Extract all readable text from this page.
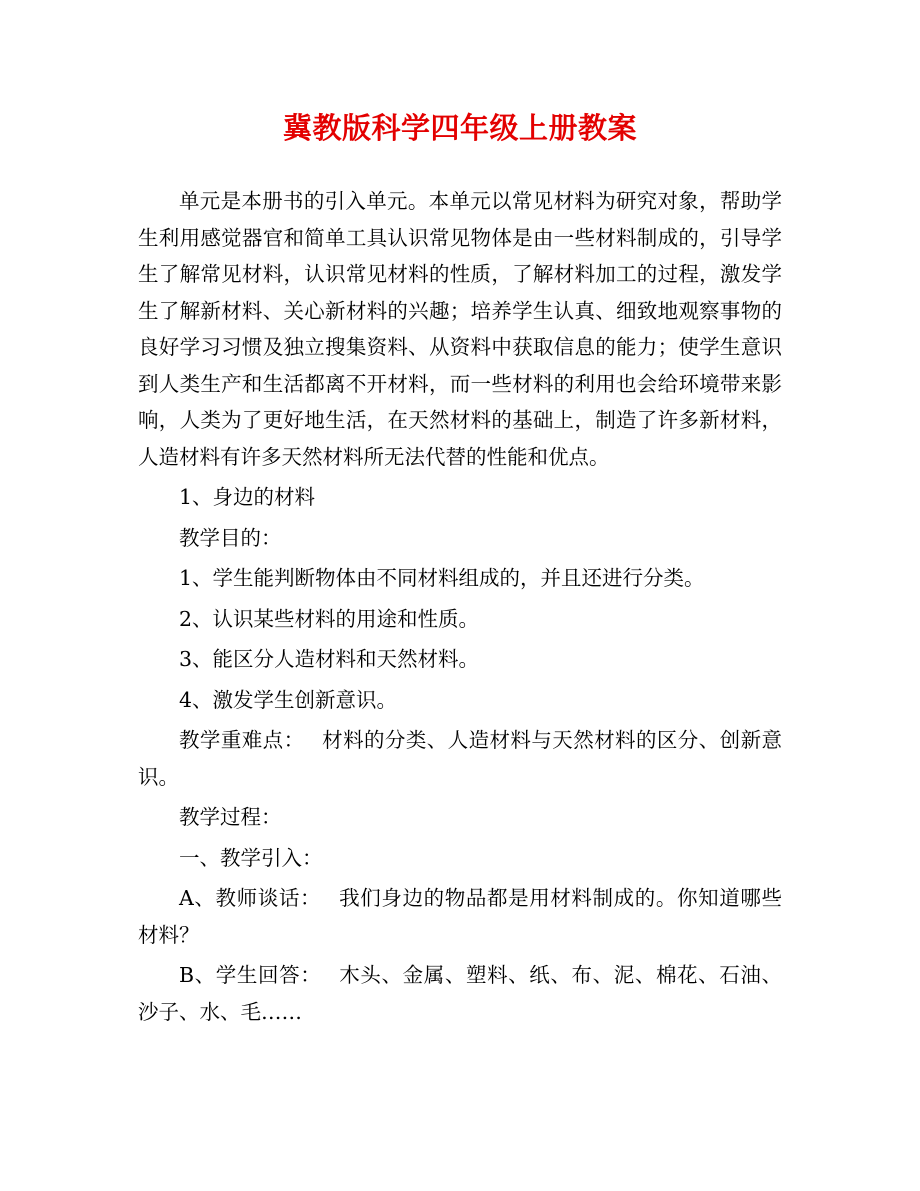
冀教版科学四年级上册教案

单元是本册书的引入单元。本单元以常见材料为研究对象，帮助学生利用感觉器官和简单工具认识常见物体是由一些材料制成的，引导学生了解常见材料，认识常见材料的性质，了解材料加工的过程，激发学生了解新材料、关心新材料的兴趣；培养学生认真、细致地观察事物的良好学习习惯及独立搜集资料、从资料中获取信息的能力；使学生意识到人类生产和生活都离不开材料，而一些材料的利用也会给环境带来影响，人类为了更好地生活，在天然材料的基础上，制造了许多新材料，人造材料有许多天然材料所无法代替的性能和优点。

1、身边的材料

教学目的：

1、学生能判断物体由不同材料组成的，并且还进行分类。

2、认识某些材料的用途和性质。

3、能区分人造材料和天然材料。

4、激发学生创新意识。

教学重难点：　 材料的分类、人造材料与天然材料的区分、创新意识。

教学过程：

一、教学引入：

A、教师谈话：　 我们身边的物品都是用材料制成的。你知道哪些材料？

B、学生回答：　 木头、金属、塑料、纸、布、泥、棉花、石油、沙子、水、毛……
